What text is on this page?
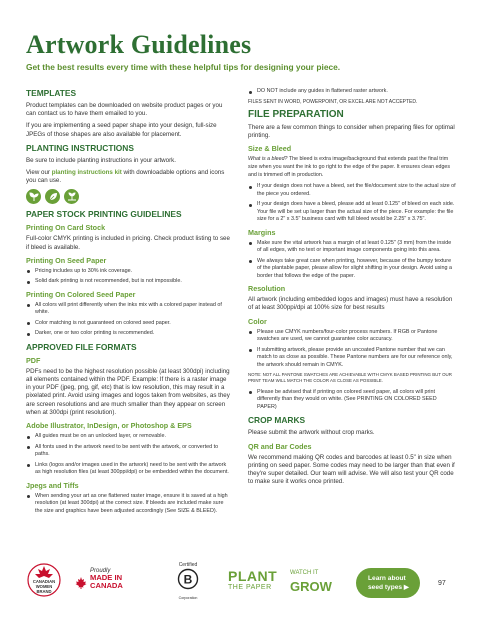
Artwork Guidelines
Get the best results every time with these helpful tips for designing your piece.
TEMPLATES

Product templates can be downloaded on website product pages or you can contact us to have them emailed to you.

If you are implementing a seed paper shape into your design, full-size JPEGs of those shapes are also available for placement.

PLANTING INSTRUCTIONS

Be sure to include planting instructions in your artwork.

View our planting instructions kit with downloadable options and icons you can use.

PAPER STOCK PRINTING GUIDELINES
Printing On Card Stock

Full-color CMYK printing is included in pricing. Check product listing to see if bleed is available.

Printing On Seed Paper
Pricing includes up to 30% ink coverage.
Solid dark printing is not recommended, but is not impossible.
Printing On Colored Seed Paper
All colors will print differently when the inks mix with a colored paper instead of white.
Color matching is not guaranteed on colored seed paper.
Darker, one or two color printing is recommended.
APPROVED FILE FORMATS
PDF

PDFs need to be the highest resolution possible (at least 300dpi) including all elements contained within the PDF. Example: If there is a raster image in your PDF (jpeg, png, gif, etc) that is low resolution, this may result in a pixelated print. Avoid using images and logos taken from websites, as they are screen resolutions and are much smaller than they appear on screen when at 300dpi (print resolution).

Adobe Illustrator, InDesign, or Photoshop & EPS
All guides must be on an unlocked layer, or removable.
All fonts used in the artwork need to be sent with the artwork, or converted to paths.
Links (logos and/or images used in the artwork) need to be sent with the artwork as high resolution files (at least 300ppi/dpi) or be embedded within the document.
Jpegs and Tiffs
When sending your art as one flattened raster image, ensure it is saved at a high resolution (at least 300dpi) at the correct size. If bleeds are included make sure the size and graphics have been adjusted accordingly (See SIZE & BLEED).
DO NOT include any guides in flattened raster artwork.

FILES SENT IN WORD, POWERPOINT, OR EXCEL ARE NOT ACCEPTED.

FILE PREPARATION

There are a few common things to consider when preparing files for optimal printing.

Size & Bleed

What is a bleed? The bleed is extra image/background that extends past the final trim size when you want the ink to go right to the edge of the paper. It ensures clean edges and is trimmed off in production.

If your design does not have a bleed, set the file/document size to the actual size of the piece you ordered.
If your design does have a bleed, please add at least 0.125" of bleed on each side. Your file will be set up larger than the actual size of the piece. For example: the file size for a 2" x 3.5" business card with full bleed would be 2.25" x 3.75".
Margins
Make sure the vital artwork has a margin of at least 0.125" (3 mm) from the inside of all edges, with no text or important image components going into this area.
We always take great care when printing, however, because of the bumpy texture of the plantable paper, please allow for slight shifting in your design. Avoid using a border that follows the edge of the paper.
Resolution

All artwork (including embedded logos and images) must have a resolution of at least 300ppi/dpi at 100% size for best results

Color
Please use CMYK numbers/four-color process numbers. If RGB or Pantone swatches are used, we cannot guarantee color accuracy.
If submitting artwork, please provide an uncoated Pantone number that we can match to as close as possible. These Pantone numbers are for our reference only, the artwork should remain in CMYK.

NOTE: NOT ALL PANTONE SWATCHES ARE ACHIEVABLE WITH CMYK BASED PRINTING BUT OUR PRINT TEAM WILL MATCH THE COLOR AS CLOSE AS POSSIBLE.

Please be advised that if printing on colored seed paper, all colors will print differently than they would on white. (See PRINTING ON COLORED SEED PAPER)
CROP MARKS

Please submit the artwork without crop marks.

QR and Bar Codes

We recommend making QR codes and barcodes at least 0.5" in size when printing on seed paper. Some codes may need to be larger than that even if they're super detailed. Our team will advise. We will also test your QR code to make sure it works once printed.

CANADIAN
WOMEN
BRAND
Proudly
MADE IN
CANADA
Certified
B
Corporation
PLANT
THE PAPER
WATCH IT
GROW
Learn about
seed types ▶
97
